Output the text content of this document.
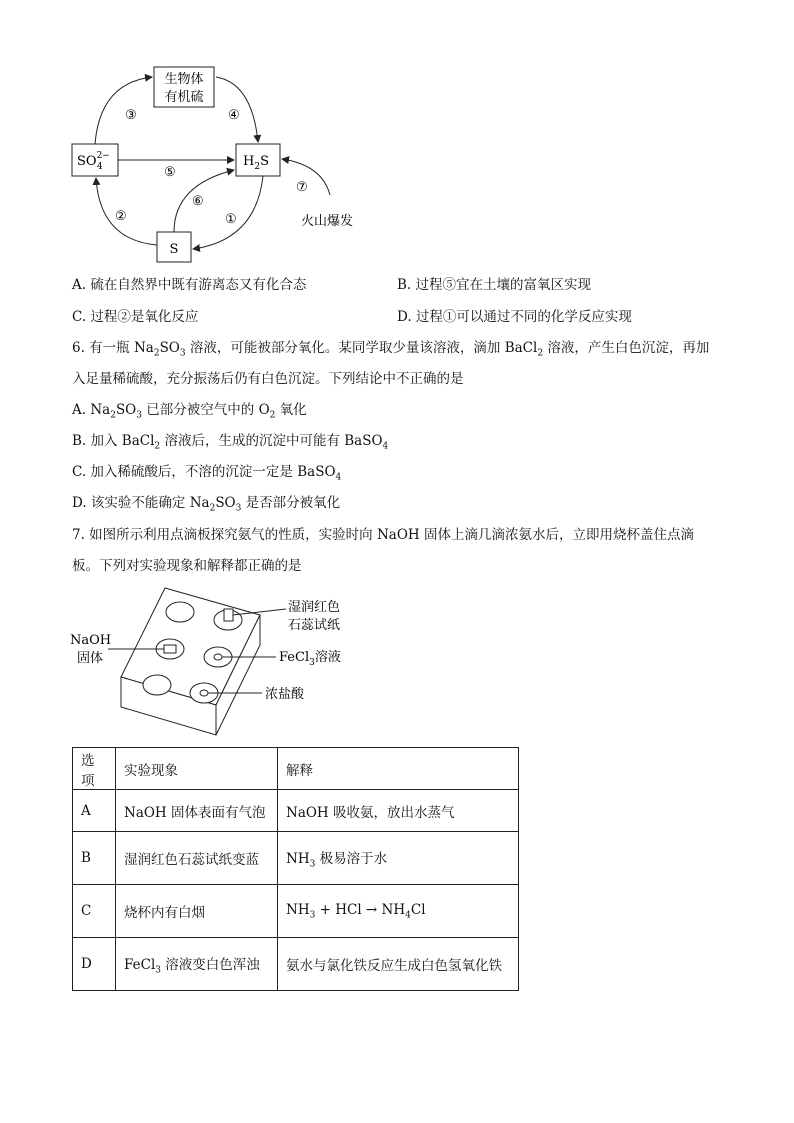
生物体
有机硫
$SO^{2-}$ 4	$H_2S$
S
③	④
⑤
②
⑥
①
⑦
火山爆发
A. 硫在自然界中既有游离态又有化合态	B. 过程⑤宜在土壤的富氧区实现
C. 过程②是氧化反应	D. 过程①可以通过不同的化学反应实现
6. 有一瓶 $Na_2SO_3$ 溶液，可能被部分氧化。某同学取少量该溶液，滴加 BaCl$_2$ 溶液，产生白色沉淀，再加
入足量稀硫酸，充分振荡后仍有白色沉淀。下列结论中不正确的是
A. $Na_2SO_3$ 已部分被空气中的 $O_2$ 氧化
B. 加入 BaCl$_2$ 溶液后，生成的沉淀中可能有 BaSO$_4$
C. 加入稀硫酸后，不溶的沉淀一定是 BaSO$_4$
D. 该实验不能确定 $Na_2SO_3$ 是否部分被氧化
7. 如图所示利用点滴板探究氨气的性质，实验时向 NaOH 固体上滴几滴浓氨水后，立即用烧杯盖住点滴
板。下列对实验现象和解释都正确的是
湿润红色
石蕊试纸
NaOH
固体	FeCl$_3$溶液
浓盐酸
选项	实验现象	解释
A	NaOH 固体表面有气泡	NaOH 吸收氨，放出水蒸气
B	湿润红色石蕊试纸变蓝	$NH_3$ 极易溶于水
C	烧杯内有白烟	$NH_3$ + HCl → $NH_4Cl$
D	FeCl$_3$ 溶液变白色浑浊	氨水与氯化铁反应生成白色氢氧化铁
